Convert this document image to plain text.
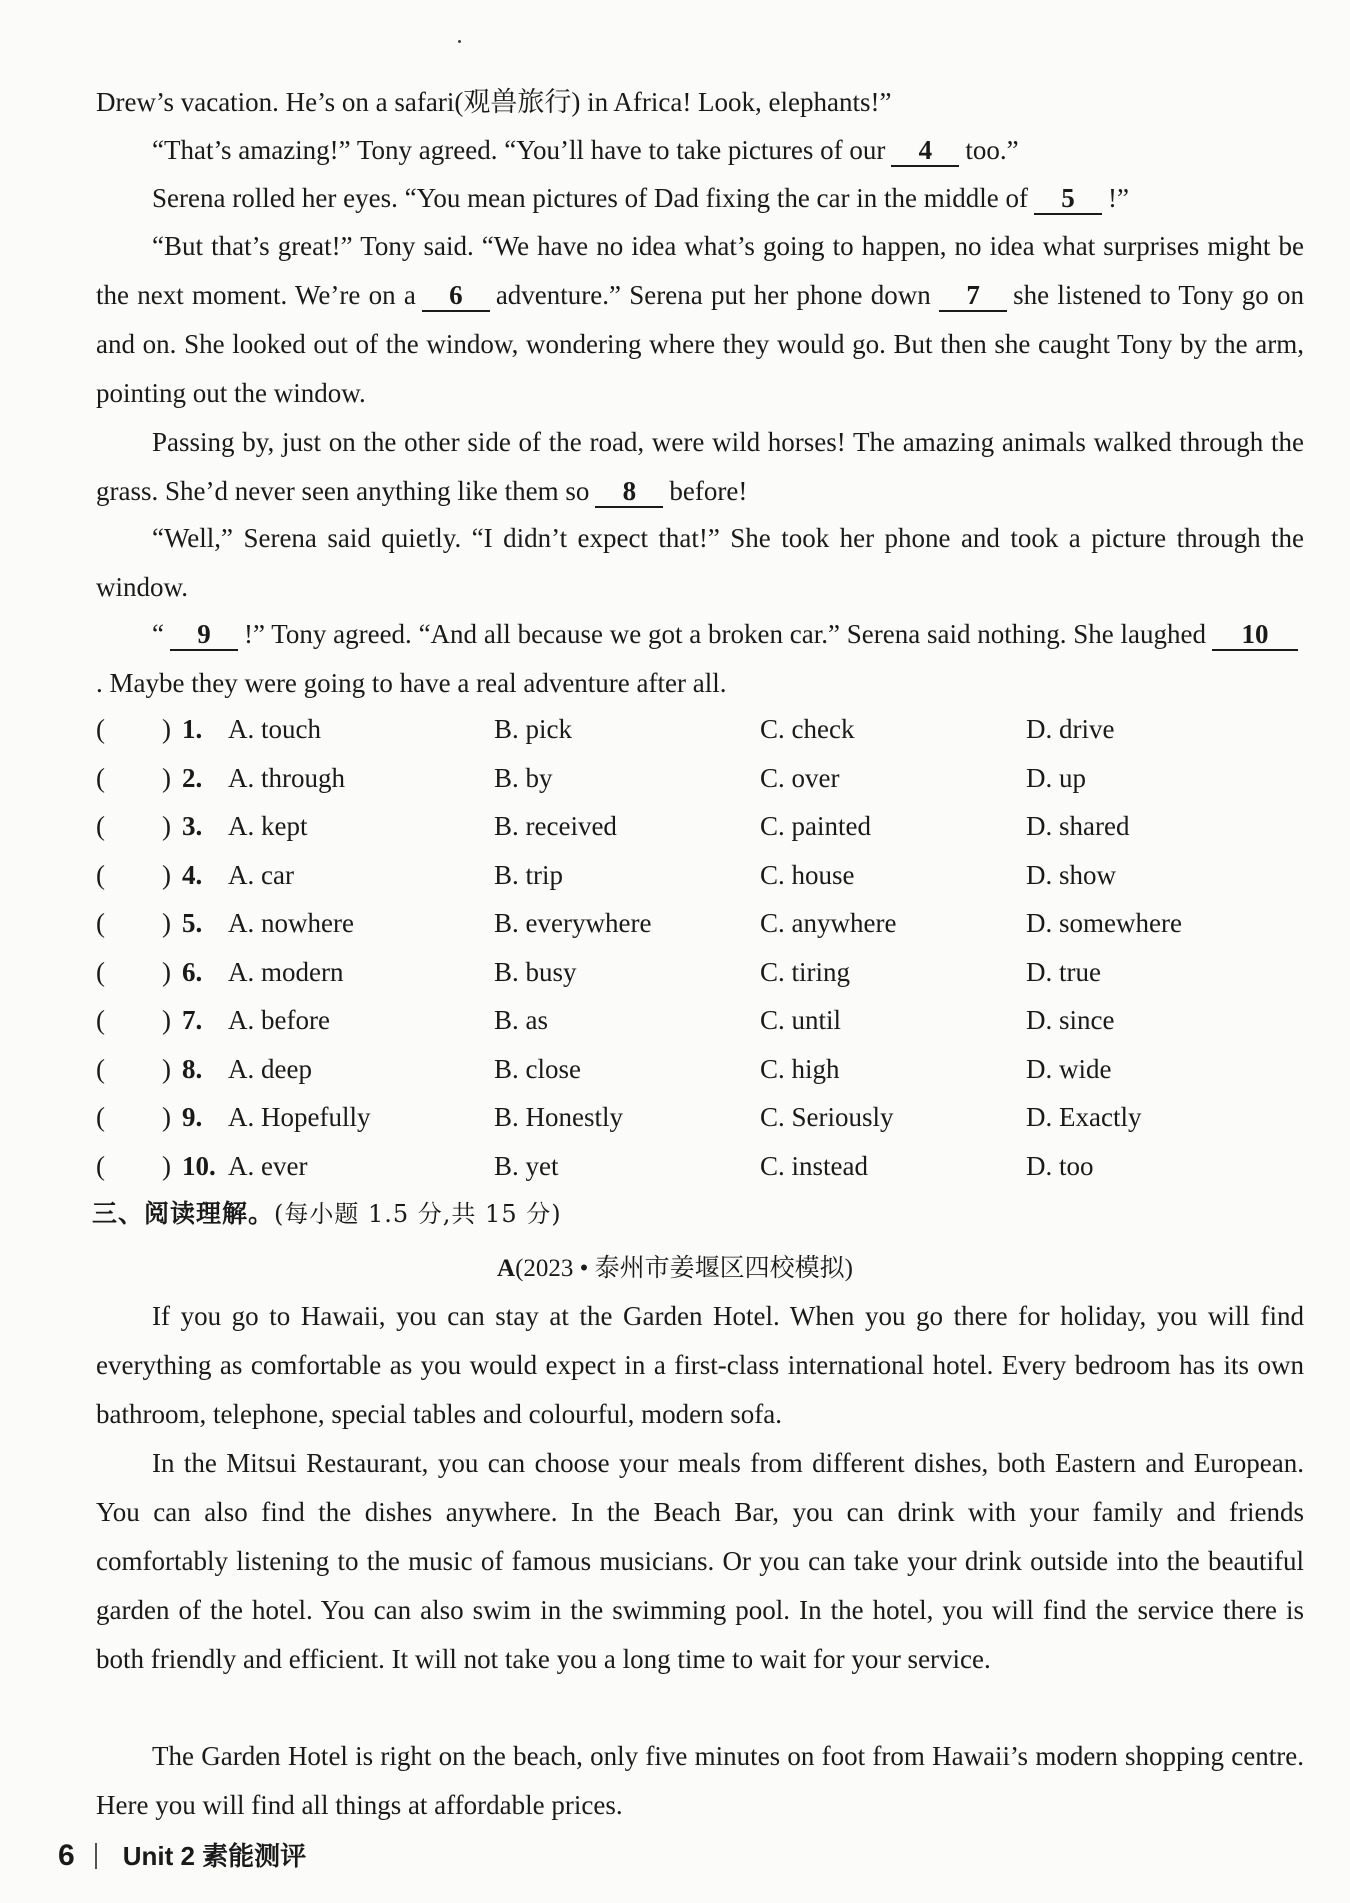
Drew’s vacation. He’s on a safari(观兽旅行) in Africa! Look, elephants!”
“That’s amazing!” Tony agreed. “You’ll have to take pictures of our 4 too.”
Serena rolled her eyes. “You mean pictures of Dad fixing the car in the middle of 5 !”
“But that’s great!” Tony said. “We have no idea what’s going to happen, no idea what surprises might be the next moment. We’re on a 6 adventure.” Serena put her phone down 7 she listened to Tony go on and on. She looked out of the window, wondering where they would go. But then she caught Tony by the arm, pointing out the window.
Passing by, just on the other side of the road, were wild horses! The amazing animals walked through the grass. She’d never seen anything like them so 8 before!
“Well,” Serena said quietly. “I didn’t expect that!” She took her phone and took a picture through the window.
“ 9 !” Tony agreed. “And all because we got a broken car.” Serena said nothing. She laughed 10. Maybe they were going to have a real adventure after all.
( ) 1. A. touch	B. pick	C. check	D. drive
( ) 2. A. through	B. by	C. over	D. up
( ) 3. A. kept	B. received	C. painted	D. shared
( ) 4. A. car	B. trip	C. house	D. show
( ) 5. A. nowhere	B. everywhere	C. anywhere	D. somewhere
( ) 6. A. modern	B. busy	C. tiring	D. true
( ) 7. A. before	B. as	C. until	D. since
( ) 8. A. deep	B. close	C. high	D. wide
( ) 9. A. Hopefully	B. Honestly	C. Seriously	D. Exactly
( ) 10. A. ever	B. yet	C. instead	D. too
三、阅读理解。(每小题 1.5 分,共 15 分)
A(2023 • 泰州市姜堰区四校模拟)
If you go to Hawaii, you can stay at the Garden Hotel. When you go there for holiday, you will find everything as comfortable as you would expect in a first-class international hotel. Every bedroom has its own bathroom, telephone, special tables and colourful, modern sofa.
In the Mitsui Restaurant, you can choose your meals from different dishes, both Eastern and European. You can also find the dishes anywhere. In the Beach Bar, you can drink with your family and friends comfortably listening to the music of famous musicians. Or you can take your drink outside into the beautiful garden of the hotel. You can also swim in the swimming pool. In the hotel, you will find the service there is both friendly and efficient. It will not take you a long time to wait for your service.
The Garden Hotel is right on the beach, only five minutes on foot from Hawaii’s modern shopping centre. Here you will find all things at affordable prices.
6 Unit 2 素能测评
